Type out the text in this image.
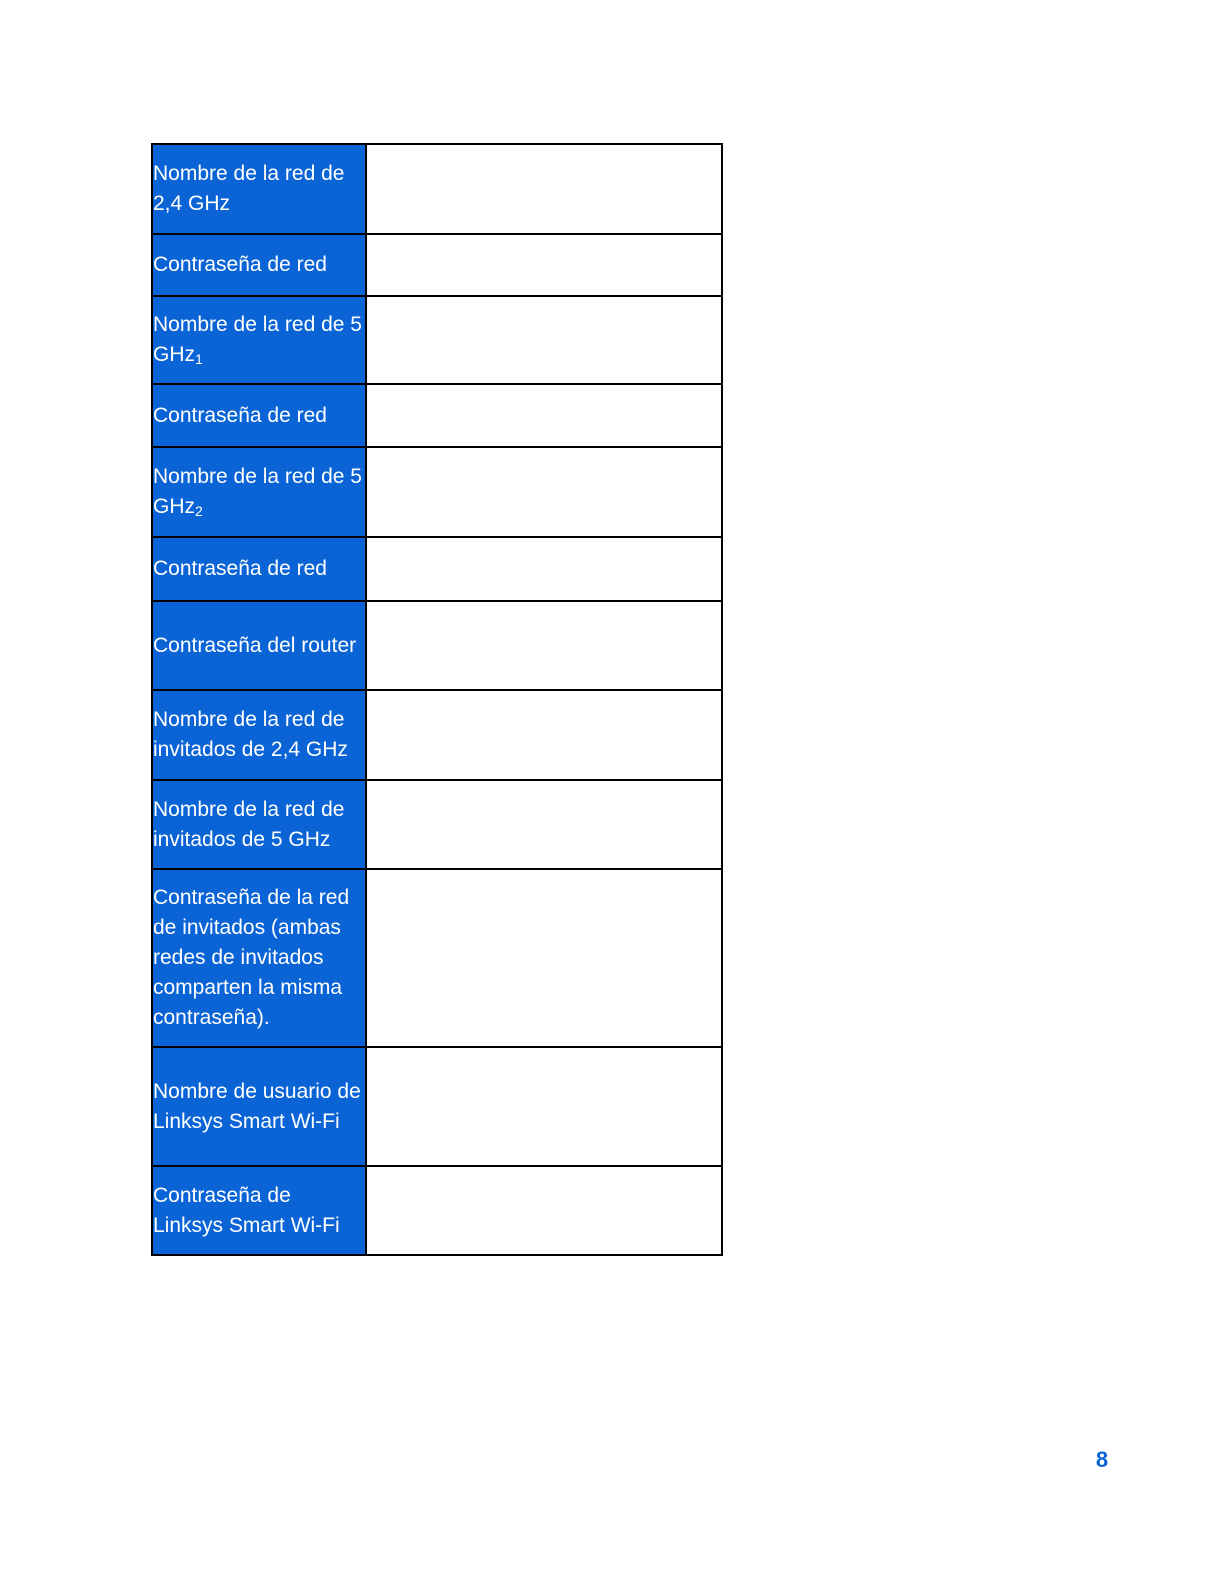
Nombre de la red de 2,4 GHz	
Contraseña de red	
Nombre de la red de 5 GHz1	
Contraseña de red	
Nombre de la red de 5 GHz2	
Contraseña de red	
Contraseña del router	
Nombre de la red de invitados de 2,4 GHz	
Nombre de la red de invitados de 5 GHz	
Contraseña de la red de invitados (ambas redes de invitados comparten la misma contraseña).	
Nombre de usuario de Linksys Smart Wi-Fi	
Contraseña de Linksys Smart Wi-Fi	
8
